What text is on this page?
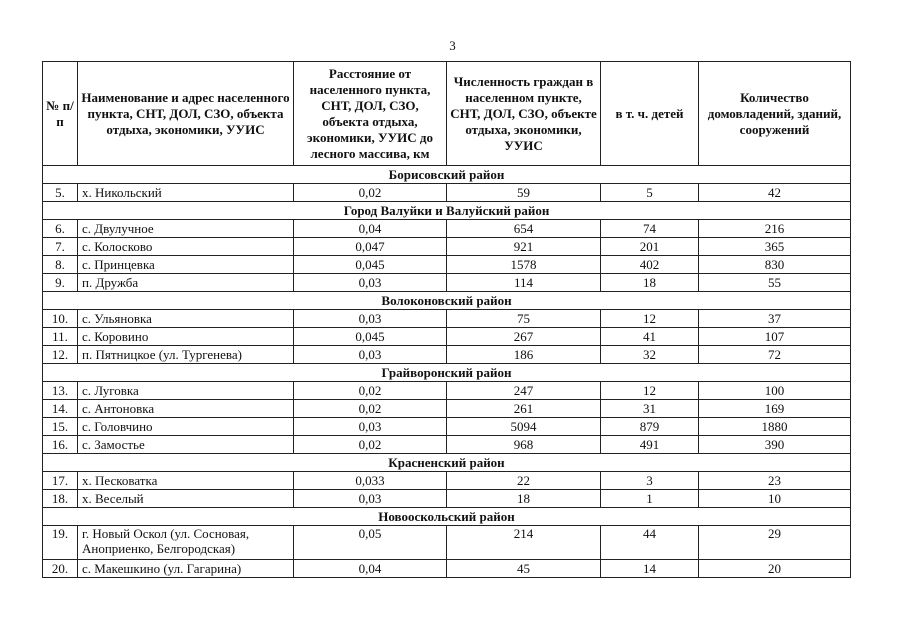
3
№ п/п	Наименование и адрес населенного пункта, СНТ, ДОЛ, СЗО, объекта отдыха, экономики, УУИС	Расстояние от населенного пункта, СНТ, ДОЛ, СЗО, объекта отдыха, экономики, УУИС до лесного массива, км	Численность граждан в населенном пункте, СНТ, ДОЛ, СЗО, объекте отдыха, экономики, УУИС	в т. ч. детей	Количество домовладений, зданий, сооружений
Борисовский район					
5.	х. Никольский	0,02	59	5	42
Город Валуйки и Валуйский район					
6.	с. Двулучное	0,04	654	74	216
7.	с. Колосково	0,047	921	201	365
8.	с. Принцевка	0,045	1578	402	830
9.	п. Дружба	0,03	114	18	55
Волоконовский район					
10.	с. Ульяновка	0,03	75	12	37
11.	с. Коровино	0,045	267	41	107
12.	п. Пятницкое (ул. Тургенева)	0,03	186	32	72
Грайворонский район					
13.	с. Луговка	0,02	247	12	100
14.	с. Антоновка	0,02	261	31	169
15.	с. Головчино	0,03	5094	879	1880
16.	с. Замостье	0,02	968	491	390
Красненский район					
17.	х. Песковатка	0,033	22	3	23
18.	х. Веселый	0,03	18	1	10
Новооскольский район					
19.	г. Новый Оскол (ул. Сосновая, Аноприенко, Белгородская)	0,05	214	44	29
20.	с. Макешкино (ул. Гагарина)	0,04	45	14	20
